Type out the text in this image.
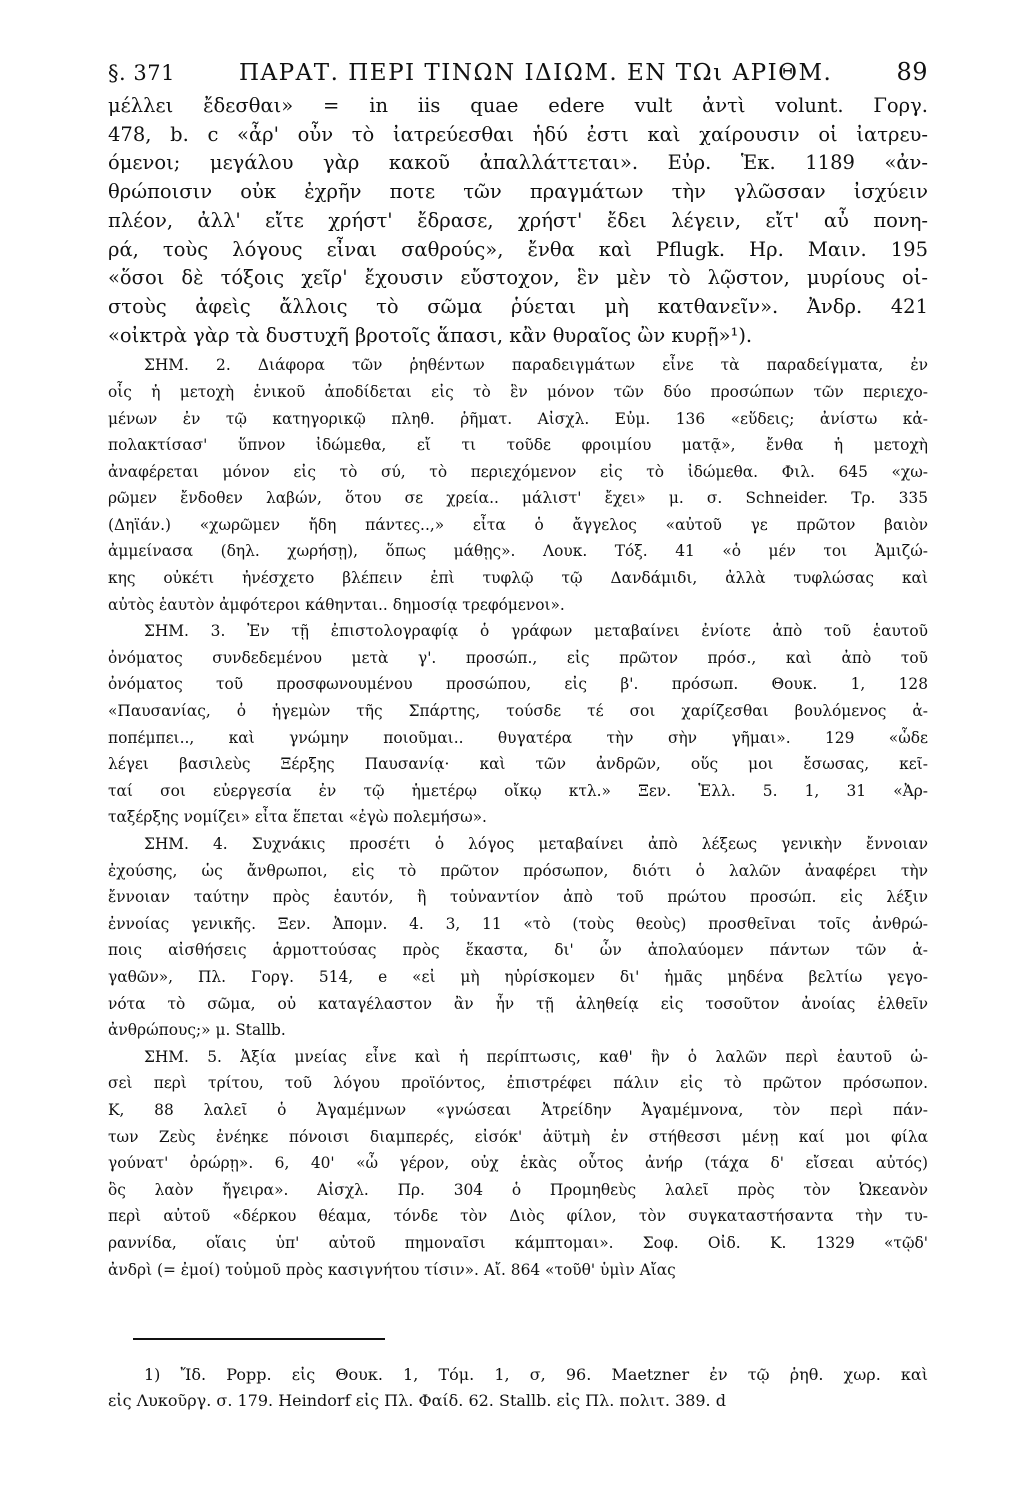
§. 371	ΠΑΡΑΤ. ΠΕΡΙ ΤΙΝΩΝ ΙΔΙΩΜ. ΕΝ ΤΩι ΑΡΙΘΜ.	89

μέλλει ἔδεσθαι» = in iis quae edere vult ἀντὶ volunt. Γοργ.

478, b. c «ἆρ' οὖν τὸ ἰατρεύεσθαι ἡδύ ἐστι καὶ χαίρουσιν οἱ ἰατρευ-

όμενοι; μεγάλου γὰρ κακοῦ ἀπαλλάττεται». Εὐρ. Ἑκ. 1189 «ἀν-

θρώποισιν οὐκ ἐχρῆν ποτε τῶν πραγμάτων τὴν γλῶσσαν ἰσχύειν

πλέον, ἀλλ' εἴτε χρήστ' ἔδρασε, χρήστ' ἔδει λέγειν, εἴτ' αὖ πονη-

ρά, τοὺς λόγους εἶναι σαθρούς», ἔνθα καὶ Pflugk. Ηρ. Μαιν. 195

«ὅσοι δὲ τόξοις χεῖρ' ἔχουσιν εὔστοχον, ἓν μὲν τὸ λῷστον, μυρίους οἰ-

στοὺς ἀφεὶς ἄλλοις τὸ σῶμα ῥύεται μὴ κατθανεῖν». Ἀνδρ. 421

«οἰκτρὰ γὰρ τὰ δυστυχῆ βροτοῖς ἅπασι, κἂν θυραῖος ὢν κυρῇ»¹).

ΣΗΜ. 2. Διάφορα τῶν ῥηθέντων παραδειγμάτων εἶνε τὰ παραδείγματα, ἐν

οἷς ἡ μετοχὴ ἑνικοῦ ἀποδίδεται εἰς τὸ ἓν μόνον τῶν δύο προσώπων τῶν περιεχο-

μένων ἐν τῷ κατηγορικῷ πληθ. ῥῆματ. Αἰσχλ. Εὐμ. 136 «εὕδεις; ἀνίστω κἀ-

πολακτίσασ' ὕπνον ἰδώμεθα, εἴ τι τοῦδε φροιμίου ματᾷ», ἔνθα ἡ μετοχὴ

ἀναφέρεται μόνον εἰς τὸ σύ, τὸ περιεχόμενον εἰς τὸ ἰδώμεθα. Φιλ. 645 «χω-

ρῶμεν ἔνδοθεν λαβών, ὅτου σε χρεία.. μάλιστ' ἔχει» μ. σ. Schneider. Τρ. 335

(Δηϊάν.) «χωρῶμεν ἤδη πάντες..,» εἶτα ὁ ἄγγελος «αὐτοῦ γε πρῶτον βαιὸν

ἀμμείνασα (δηλ. χωρήσῃ), ὅπως μάθῃς». Λουκ. Τόξ. 41 «ὁ μέν τοι Ἀμιζώ-

κης οὐκέτι ἠνέσχετο βλέπειν ἐπὶ τυφλῷ τῷ Δανδάμιδι, ἀλλὰ τυφλώσας καὶ

αὐτὸς ἑαυτὸν ἀμφότεροι κάθηνται.. δημοσίᾳ τρεφόμενοι».

ΣΗΜ. 3. Ἐν τῇ ἐπιστολογραφίᾳ ὁ γράφων μεταβαίνει ἐνίοτε ἀπὸ τοῦ ἑαυτοῦ

ὀνόματος συνδεδεμένου μετὰ γ'. προσώπ., εἰς πρῶτον πρόσ., καὶ ἀπὸ τοῦ

ὀνόματος τοῦ προσφωνουμένου προσώπου, εἰς β'. πρόσωπ. Θουκ. 1, 128

«Παυσανίας, ὁ ἡγεμὼν τῆς Σπάρτης, τούσδε τέ σοι χαρίζεσθαι βουλόμενος ἀ-

ποπέμπει.., καὶ γνώμην ποιοῦμαι.. θυγατέρα τὴν σὴν γῆμαι». 129 «ὧδε

λέγει βασιλεὺς Ξέρξης Παυσανίᾳ· καὶ τῶν ἀνδρῶν, οὕς μοι ἔσωσας, κεῖ-

ταί σοι εὐεργεσία ἐν τῷ ἡμετέρῳ οἴκῳ κτλ.» Ξεν. Ἑλλ. 5. 1, 31 «Ἀρ-

ταξέρξης νομίζει» εἶτα ἕπεται «ἐγὼ πολεμήσω».

ΣΗΜ. 4. Συχνάκις προσέτι ὁ λόγος μεταβαίνει ἀπὸ λέξεως γενικὴν ἔννοιαν

ἐχούσης, ὡς ἄνθρωποι, εἰς τὸ πρῶτον πρόσωπον, διότι ὁ λαλῶν ἀναφέρει τὴν

ἔννοιαν ταύτην πρὸς ἑαυτόν, ἢ τοὐναντίον ἀπὸ τοῦ πρώτου προσώπ. εἰς λέξιν

ἐννοίας γενικῆς. Ξεν. Ἀπομν. 4. 3, 11 «τὸ (τοὺς θεοὺς) προσθεῖναι τοῖς ἀνθρώ-

ποις αἰσθήσεις ἁρμοττούσας πρὸς ἕκαστα, δι' ὧν ἀπολαύομεν πάντων τῶν ἀ-

γαθῶν», Πλ. Γοργ. 514, e «εἰ μὴ ηὑρίσκομεν δι' ἡμᾶς μηδένα βελτίω γεγο-

νότα τὸ σῶμα, οὐ καταγέλαστον ἂν ἦν τῇ ἀληθείᾳ εἰς τοσοῦτον ἀνοίας ἐλθεῖν

ἀνθρώπους;» μ. Stallb.

ΣΗΜ. 5. Ἀξία μνείας εἶνε καὶ ἡ περίπτωσις, καθ' ἣν ὁ λαλῶν περὶ ἑαυτοῦ ὡ-

σεὶ περὶ τρίτου, τοῦ λόγου προϊόντος, ἐπιστρέφει πάλιν εἰς τὸ πρῶτον πρόσωπον.

Κ, 88 λαλεῖ ὁ Ἀγαμέμνων «γνώσεαι Ἀτρείδην Ἀγαμέμνονα, τὸν περὶ πάν-

των Ζεὺς ἐνέηκε πόνοισι διαμπερές, εἰσόκ' ἀϋτμὴ ἐν στήθεσσι μένῃ καί μοι φίλα

γούνατ' ὀρώρῃ». 6, 40' «ὦ γέρον, οὐχ ἑκὰς οὗτος ἀνήρ (τάχα δ' εἴσεαι αὐτός)

ὃς λαὸν ἤγειρα». Αἰσχλ. Πρ. 304 ὁ Προμηθεὺς λαλεῖ πρὸς τὸν Ὠκεανὸν

περὶ αὐτοῦ «δέρκου θέαμα, τόνδε τὸν Διὸς φίλον, τὸν συγκαταστήσαντα τὴν τυ-

ραννίδα, οἵαις ὑπ' αὐτοῦ πημοναῖσι κάμπτομαι». Σοφ. Οἰδ. Κ. 1329 «τῷδ'

ἀνδρὶ (= ἐμοί) τοὐμοῦ πρὸς κασιγνήτου τίσιν». Αἴ. 864 «τοῦθ' ὑμὶν Αἴας

1) Ἴδ. Popp. εἰς Θουκ. 1, Τόμ. 1, σ, 96. Maetzner ἐν τῷ ῥηθ. χωρ. καὶ

εἰς Λυκοῦργ. σ. 179. Heindorf εἰς Πλ. Φαίδ. 62. Stallb. εἰς Πλ. πολιτ. 389. d
